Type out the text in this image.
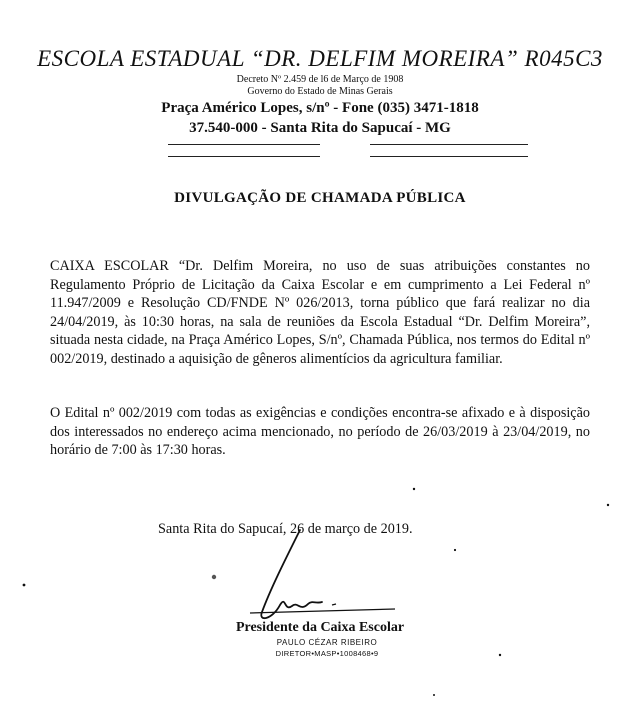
ESCOLA ESTADUAL “DR. DELFIM MOREIRA” R045C3
Decreto Nº 2.459 de l6 de Março de 1908
Governo do Estado de Minas Gerais
Praça Américo Lopes, s/nº - Fone (035) 3471-1818
37.540-000 - Santa Rita do Sapucaí - MG
DIVULGAÇÃO DE CHAMADA PÚBLICA

CAIXA ESCOLAR “Dr. Delfim Moreira, no uso de suas atribuições constantes no Regulamento Próprio de Licitação da Caixa Escolar e em cumprimento a Lei Federal nº 11.947/2009 e Resolução CD/FNDE Nº 026/2013, torna público que fará realizar no dia 24/04/2019, às 10:30 horas, na sala de reuniões da Escola Estadual “Dr. Delfim Moreira”, situada nesta cidade, na Praça Américo Lopes, S/nº, Chamada Pública, nos termos do Edital nº 002/2019, destinado a aquisição de gêneros alimentícios da agricultura familiar.

O Edital nº 002/2019 com todas as exigências e condições encontra-se afixado e à disposição dos interessados no endereço acima mencionado, no período de 26/03/2019 à 23/04/2019, no horário de 7:00 às 17:30 horas.

Santa Rita do Sapucaí, 26 de março de 2019.
Presidente da Caixa Escolar
PAULO CÉZAR RIBEIRO
DIRETOR•MASP•1008468•9
